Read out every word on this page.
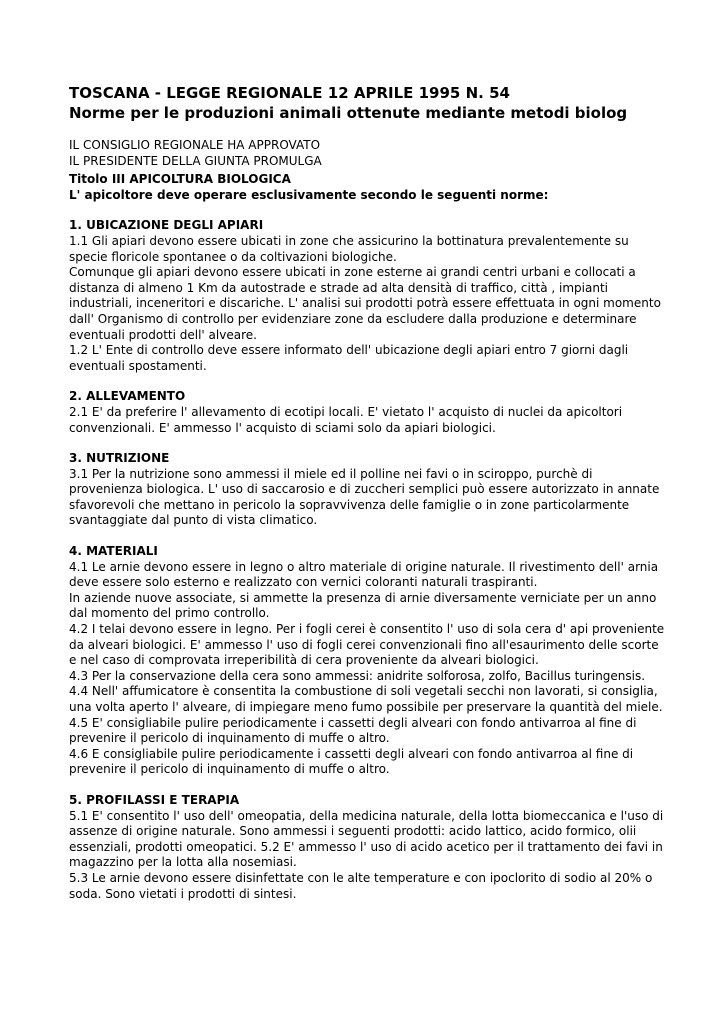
TOSCANA - LEGGE REGIONALE 12 APRILE 1995 N. 54
Norme per le produzioni animali ottenute mediante metodi biolog
IL CONSIGLIO REGIONALE HA APPROVATO
IL PRESIDENTE DELLA GIUNTA PROMULGA
Titolo III APICOLTURA BIOLOGICA
L' apicoltore deve operare esclusivamente secondo le seguenti norme:
1. UBICAZIONE DEGLI APIARI

1.1 Gli apiari devono essere ubicati in zone che assicurino la bottinatura prevalentemente su specie floricole spontanee o da coltivazioni biologiche.

Comunque gli apiari devono essere ubicati in zone esterne ai grandi centri urbani e collocati a distanza di almeno 1 Km da autostrade e strade ad alta densità di traffico, città , impianti industriali, inceneritori e discariche. L' analisi sui prodotti potrà essere effettuata in ogni momento dall' Organismo di controllo per evidenziare zone da escludere dalla produzione e determinare eventuali prodotti dell' alveare.

1.2 L' Ente di controllo deve essere informato dell' ubicazione degli apiari entro 7 giorni dagli eventuali spostamenti.

2. ALLEVAMENTO

2.1 E' da preferire l' allevamento di ecotipi locali. E' vietato l' acquisto di nuclei da apicoltori convenzionali. E' ammesso l' acquisto di sciami solo da apiari biologici.

3. NUTRIZIONE

3.1 Per la nutrizione sono ammessi il miele ed il polline nei favi o in sciroppo, purchè di provenienza biologica. L' uso di saccarosio e di zuccheri semplici può essere autorizzato in annate sfavorevoli che mettano in pericolo la sopravvivenza delle famiglie o in zone particolarmente svantaggiate dal punto di vista climatico.

4. MATERIALI

4.1 Le arnie devono essere in legno o altro materiale di origine naturale. Il rivestimento dell' arnia deve essere solo esterno e realizzato con vernici coloranti naturali traspiranti.

In aziende nuove associate, si ammette la presenza di arnie diversamente verniciate per un anno dal momento del primo controllo.

4.2 I telai devono essere in legno. Per i fogli cerei è consentito l' uso di sola cera d' api proveniente da alveari biologici. E' ammesso l' uso di fogli cerei convenzionali fino all'esaurimento delle scorte e nel caso di comprovata irreperibilità di cera proveniente da alveari biologici.

4.3 Per la conservazione della cera sono ammessi: anidrite solforosa, zolfo, Bacillus turingensis.

4.4 Nell' affumicatore è consentita la combustione di soli vegetali secchi non lavorati, si consiglia, una volta aperto l' alveare, di impiegare meno fumo possibile per preservare la quantità del miele.

4.5 E' consigliabile pulire periodicamente i cassetti degli alveari con fondo antivarroa al fine di prevenire il pericolo di inquinamento di muffe o altro.

4.6 E consigliabile pulire periodicamente i cassetti degli alveari con fondo antivarroa al fine di prevenire il pericolo di inquinamento di muffe o altro.

5. PROFILASSI E TERAPIA

5.1 E' consentito l' uso dell' omeopatia, della medicina naturale, della lotta biomeccanica e l'uso di assenze di origine naturale. Sono ammessi i seguenti prodotti: acido lattico, acido formico, olii essenziali, prodotti omeopatici. 5.2 E' ammesso l' uso di acido acetico per il trattamento dei favi in magazzino per la lotta alla nosemiasi.

5.3 Le arnie devono essere disinfettate con le alte temperature e con ipoclorito di sodio al 20% o soda. Sono vietati i prodotti di sintesi.
